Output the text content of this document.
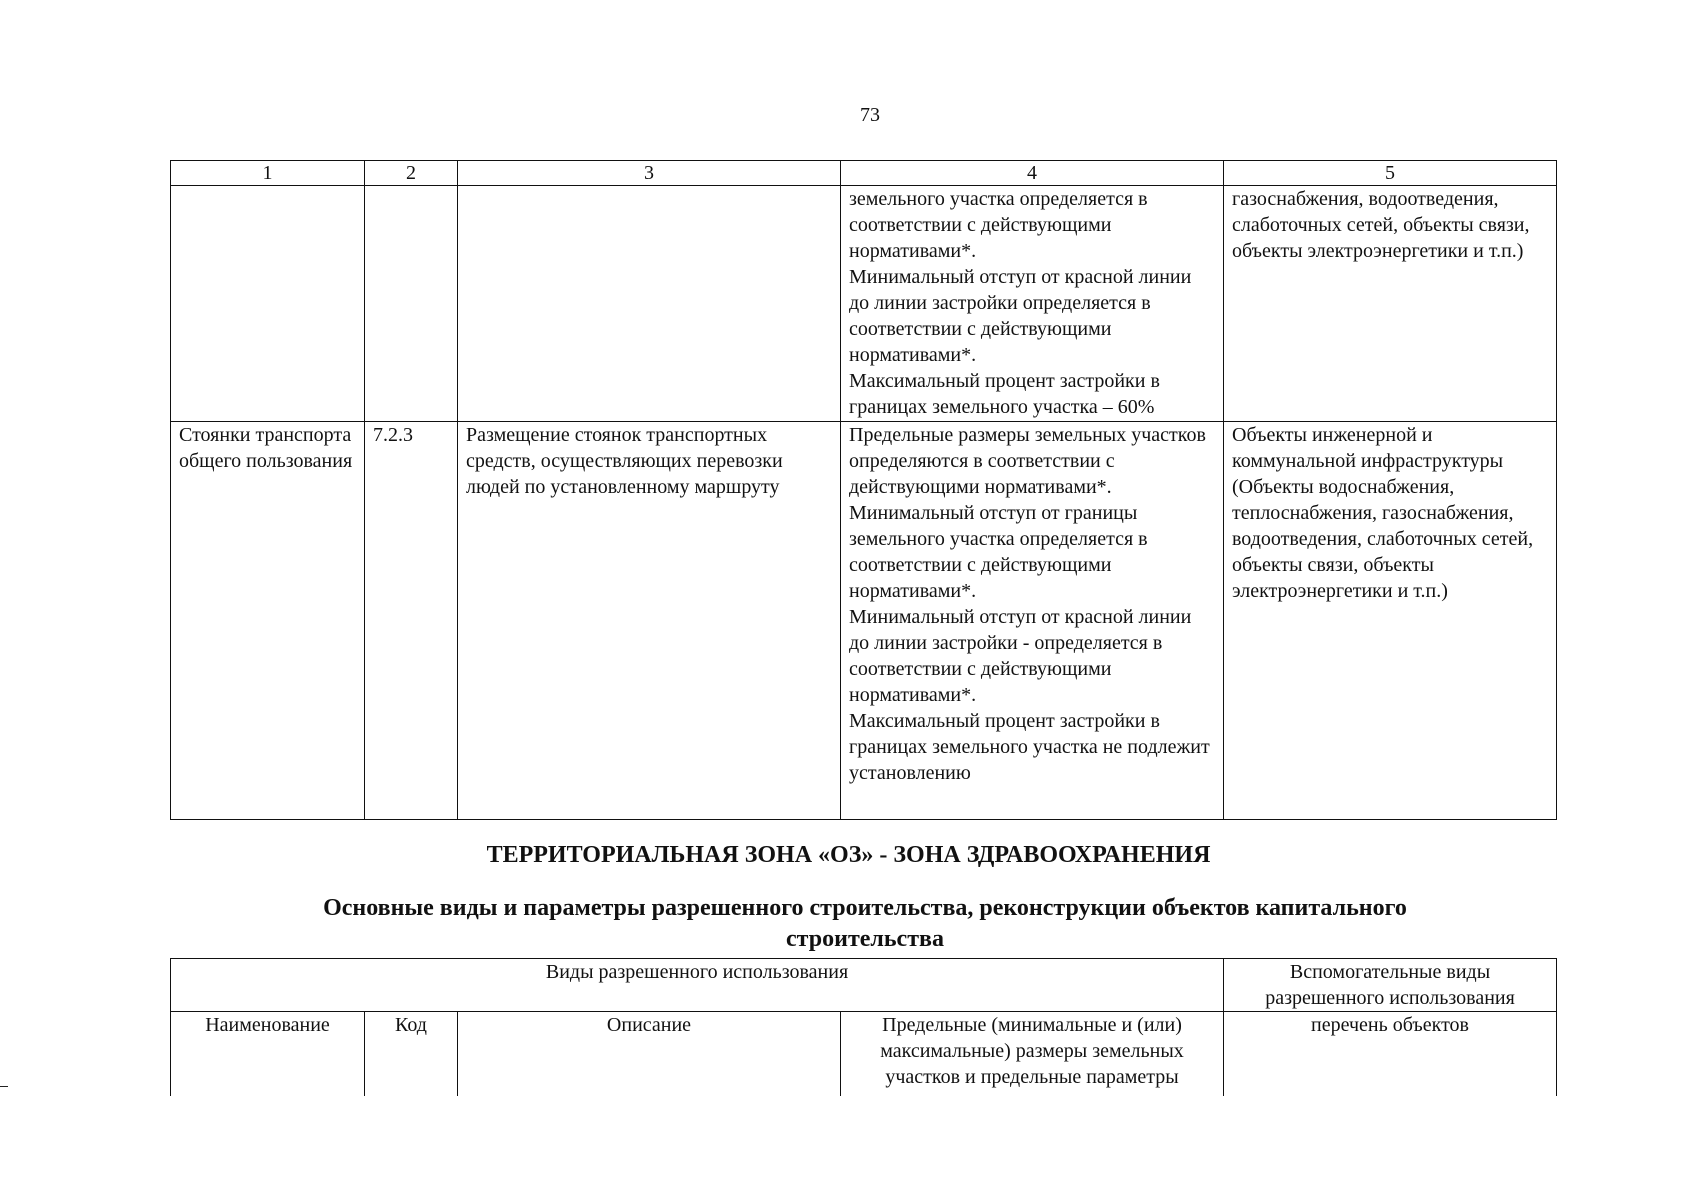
73
1	2	3	4	5
			земельного участка определяется в соответствии с действующими нормативами*.
Минимальный отступ от красной линии до линии застройки определяется в соответствии с действующими нормативами*.
Максимальный процент застройки в границах земельного участка – 60%	газоснабжения, водоотведения, слаботочных сетей, объекты связи, объекты электроэнергетики и т.п.)
Стоянки транспорта общего пользования	7.2.3	Размещение стоянок транспортных средств, осуществляющих перевозки людей по установленному маршруту	Предельные размеры земельных участков определяются в соответствии с действующими нормативами*.
Минимальный отступ от границы земельного участка определяется в соответствии с действующими нормативами*.
Минимальный отступ от красной линии до линии застройки - определяется в соответствии с действующими нормативами*.
Максимальный процент застройки в границах земельного участка не подлежит установлению	Объекты инженерной и коммунальной инфраструктуры (Объекты водоснабжения, теплоснабжения, газоснабжения, водоотведения, слаботочных сетей, объекты связи, объекты электроэнергетики и т.п.)
ТЕРРИТОРИАЛЬНАЯ ЗОНА «ОЗ» - ЗОНА ЗДРАВООХРАНЕНИЯ
Основные виды и параметры разрешенного строительства, реконструкции объектов капитального строительства
Виды разрешенного использования				Вспомогательные виды разрешенного использования
Наименование	Код	Описание	Предельные (минимальные и (или) максимальные) размеры земельных участков и предельные параметры	перечень объектов
